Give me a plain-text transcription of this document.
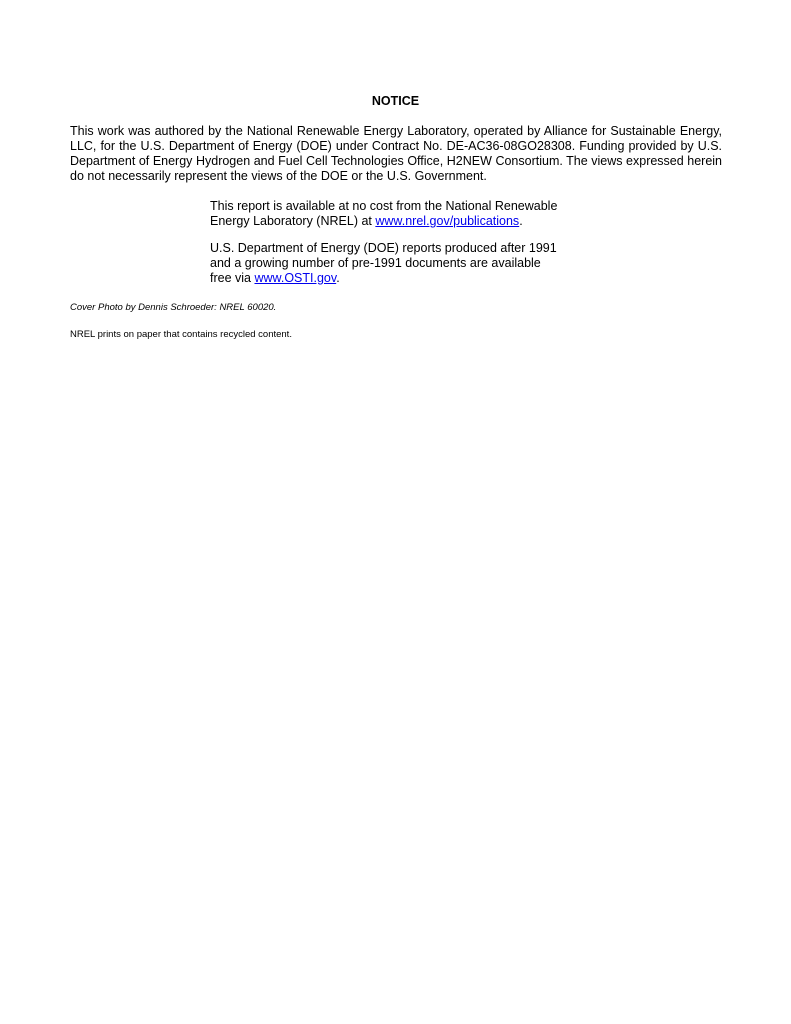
NOTICE

This work was authored by the National Renewable Energy Laboratory, operated by Alliance for Sustainable Energy, LLC, for the U.S. Department of Energy (DOE) under Contract No. DE-AC36-08GO28308. Funding provided by U.S. Department of Energy Hydrogen and Fuel Cell Technologies Office, H2NEW Consortium. The views expressed herein do not necessarily represent the views of the DOE or the U.S. Government.

This report is available at no cost from the National Renewable
Energy Laboratory (NREL) at www.nrel.gov/publications.

U.S. Department of Energy (DOE) reports produced after 1991
and a growing number of pre-1991 documents are available
free via www.OSTI.gov.

Cover Photo by Dennis Schroeder: NREL 60020.

NREL prints on paper that contains recycled content.
